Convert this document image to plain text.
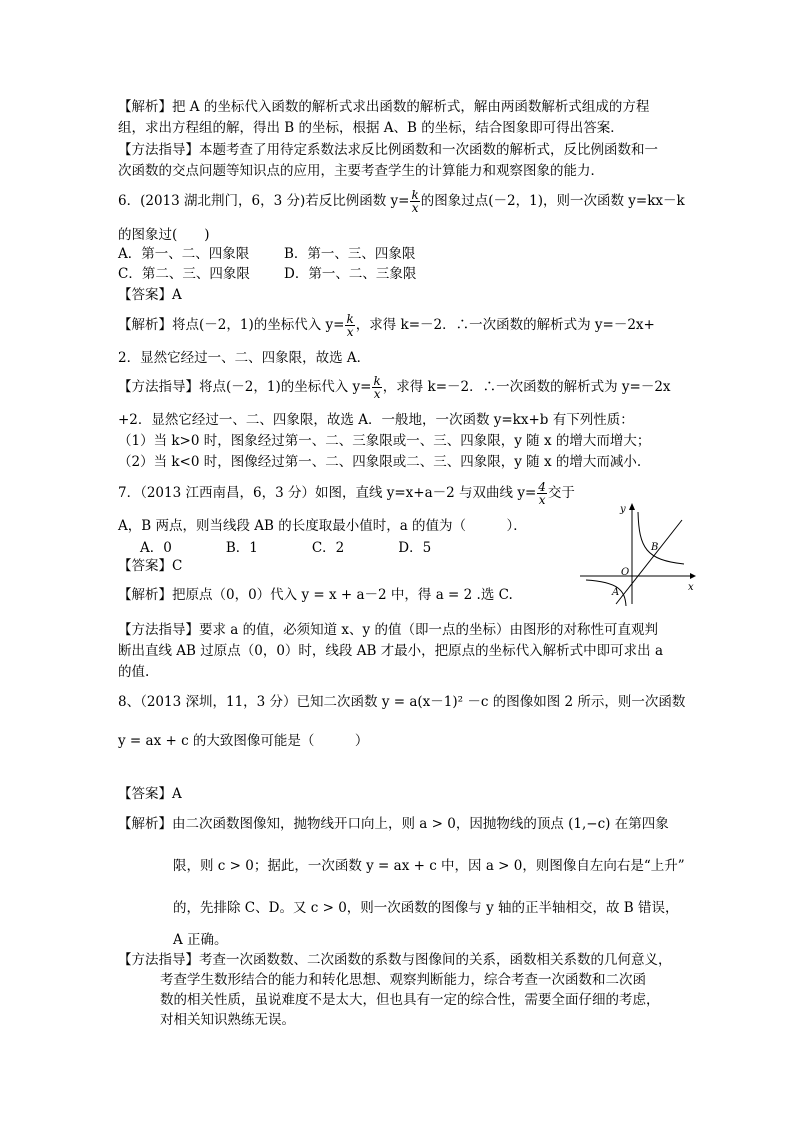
【解析】把 A 的坐标代入函数的解析式求出函数的解析式，解由两函数解析式组成的方程
组，求出方程组的解，得出 B 的坐标，根据 A、B 的坐标，结合图象即可得出答案．
【方法指导】本题考查了用待定系数法求反比例函数和一次函数的解析式，反比例函数和一
次函数的交点问题等知识点的应用，主要考查学生的计算能力和观察图象的能力．
6．(2013 湖北荆门，6，3 分)若反比例函数 $y= \frac{k}{x}$ 的图象过点(－2，1)，则一次函数 y=kx－k
的图象过(　　)
A．第一、二、四象限	B．第一、三、四象限
C．第二、三、四象限	D．第一、二、三象限
【答案】A
【解析】将点(－2，1)的坐标代入 $y= \frac{k}{x}$ ，求得 k=－2．∴一次函数的解析式为 y=－2x+
2．显然它经过一、二、四象限，故选 A．
【方法指导】将点(－2，1)的坐标代入 $y= \frac{k}{x}$ ，求得 k=－2．∴一次函数的解析式为 y=－2x
+2．显然它经过一、二、四象限，故选 A．一般地，一次函数 y=kx+b 有下列性质：
（1）当 k>0 时，图象经过第一、二、三象限或一、三、四象限，y 随 x 的增大而增大；
（2）当 k<0 时，图像经过第一、二、四象限或二、三、四象限，y 随 x 的增大而减小.
7．（2013 江西南昌，6，3 分）如图，直线 y=x+a－2 与双曲线 $y= \frac{4}{x}$ 交于
A，B 两点，则当线段 AB 的长度取最小值时，a 的值为（　　　）．
A．0　　　　B．1　　　　C．2　　　　D．5
【答案】C
【解析】把原点（0，0）代入 y = x + a－2 中，得 a = 2 .选 C.
【方法指导】要求 a 的值，必须知道 x、y 的值（即一点的坐标）由图形的对称性可直观判
断出直线 AB 过原点（0，0）时，线段 AB 才最小，把原点的坐标代入解析式中即可求出 a
的值.
y
x
O
A
B
8、（2013 深圳，11，3 分）已知二次函数 y = a(x－1)² －c 的图像如图 2 所示，则一次函数
y = ax + c 的大致图像可能是（　　　）
【答案】A
【解析】由二次函数图像知，抛物线开口向上，则 a > 0，因抛物线的顶点 (1,−c) 在第四象
限，则 c > 0；据此，一次函数 y = ax + c 中，因 a > 0，则图像自左向右是“上升”
的，先排除 C、D。又 c > 0，则一次函数的图像与 y 轴的正半轴相交，故 B 错误，
A 正确。
【方法指导】考查一次函数数、二次函数的系数与图像间的关系，函数相关系数的几何意义，
考查学生数形结合的能力和转化思想、观察判断能力，综合考查一次函数和二次函
数的相关性质，虽说难度不是太大，但也具有一定的综合性，需要全面仔细的考虑，
对相关知识熟练无误。
